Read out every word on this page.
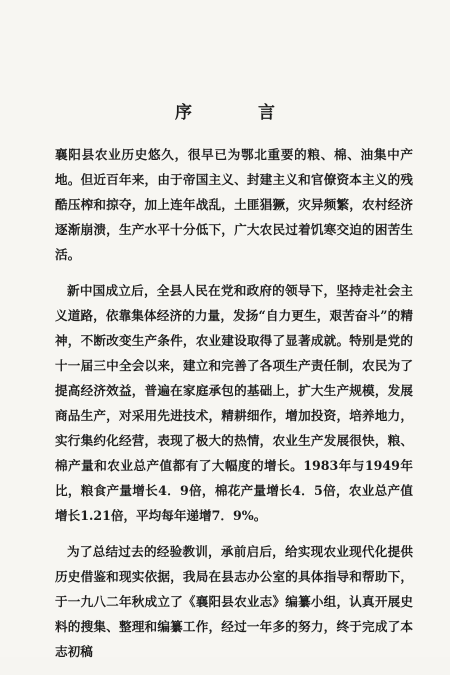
序 言

襄阳县农业历史悠久，很早已为鄂北重要的粮、棉、油集中产地。但近百年来，由于帝国主义、封建主义和官僚资本主义的残酷压榨和掠夺，加上连年战乱，土匪猖獗，灾异频繁，农村经济逐渐崩溃，生产水平十分低下，广大农民过着饥寒交迫的困苦生活。

新中国成立后，全县人民在党和政府的领导下，坚持走社会主义道路，依靠集体经济的力量，发扬“自力更生，艰苦奋斗”的精神，不断改变生产条件，农业建设取得了显著成就。特别是党的十一届三中全会以来，建立和完善了各项生产责任制，农民为了提高经济效益，普遍在家庭承包的基础上，扩大生产规模，发展商品生产，对采用先进技术，精耕细作，增加投资，培养地力，实行集约化经营，表现了极大的热情，农业生产发展很快，粮、棉产量和农业总产值都有了大幅度的增长。1983年与1949年比，粮食产量增长4．9倍，棉花产量增长4．5倍，农业总产值增长1.21倍，平均每年递增7．9%。

为了总结过去的经验教训，承前启后，给实现农业现代化提供历史借鉴和现实依据，我局在县志办公室的具体指导和帮助下，于一九八二年秋成立了《襄阳县农业志》编纂小组，认真开展史料的搜集、整理和编纂工作，经过一年多的努力，终于完成了本志初稿
